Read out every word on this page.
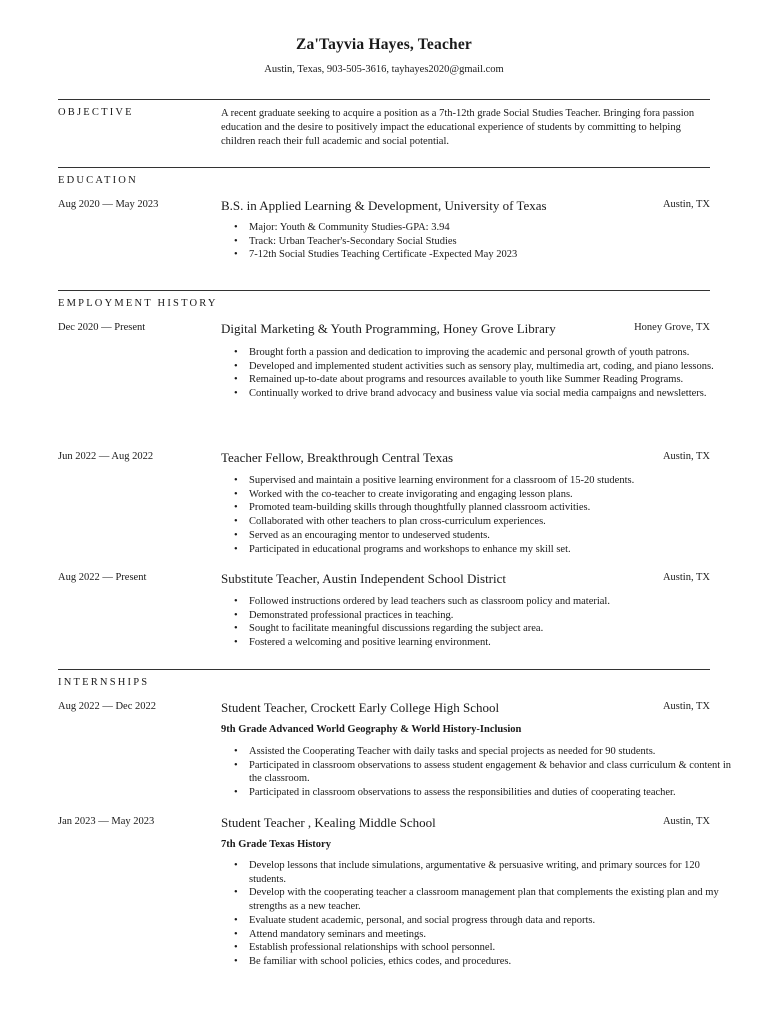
Za'Tayvia Hayes, Teacher
Austin, Texas, 903-505-3616, tayhayes2020@gmail.com
OBJECTIVE	A recent graduate seeking to acquire a position as a 7th-12th grade Social Studies Teacher. Bringing fora passion education and the desire to positively impact the educational experience of students by committing to helping children reach their full academic and social potential.
EDUCATION
Aug 2020 — May 2023	B.S. in Applied Learning & Development, University of Texas	Austin, TX
• Major: Youth & Community Studies-GPA: 3.94
• Track: Urban Teacher's-Secondary Social Studies
• 7-12th Social Studies Teaching Certificate -Expected May 2023
EMPLOYMENT HISTORY
Dec 2020 — Present	Digital Marketing & Youth Programming, Honey Grove Library	Honey Grove, TX
• Brought forth a passion and dedication to improving the academic and personal growth of youth patrons.
• Developed and implemented student activities such as sensory play, multimedia art, coding, and piano lessons.
• Remained up-to-date about programs and resources available to youth like Summer Reading Programs.
• Continually worked to drive brand advocacy and business value via social media campaigns and newsletters.
Jun 2022 — Aug 2022	Teacher Fellow, Breakthrough Central Texas	Austin, TX
• Supervised and maintain a positive learning environment for a classroom of 15-20 students.
• Worked with the co-teacher to create invigorating and engaging lesson plans.
• Promoted team-building skills through thoughtfully planned classroom activities.
• Collaborated with other teachers to plan cross-curriculum experiences.
• Served as an encouraging mentor to undeserved students.
• Participated in educational programs and workshops to enhance my skill set.
Aug 2022 — Present	Substitute Teacher, Austin Independent School District	Austin, TX
• Followed instructions ordered by lead teachers such as classroom policy and material.
• Demonstrated professional practices in teaching.
• Sought to facilitate meaningful discussions regarding the subject area.
• Fostered a welcoming and positive learning environment.
INTERNSHIPS
Aug 2022 — Dec 2022	Student Teacher, Crockett Early College High School	Austin, TX
9th Grade Advanced World Geography & World History-Inclusion
• Assisted the Cooperating Teacher with daily tasks and special projects as needed for 90 students.
• Participated in classroom observations to assess student engagement & behavior and class curriculum & content in the classroom.
• Participated in classroom observations to assess the responsibilities and duties of cooperating teacher.
Jan 2023 — May 2023	Student Teacher , Kealing Middle School	Austin, TX
7th Grade Texas History
• Develop lessons that include simulations, argumentative & persuasive writing, and primary sources for 120 students.
• Develop with the cooperating teacher a classroom management plan that complements the existing plan and my strengths as a new teacher.
• Evaluate student academic, personal, and social progress through data and reports.
• Attend mandatory seminars and meetings.
• Establish professional relationships with school personnel.
• Be familiar with school policies, ethics codes, and procedures.
